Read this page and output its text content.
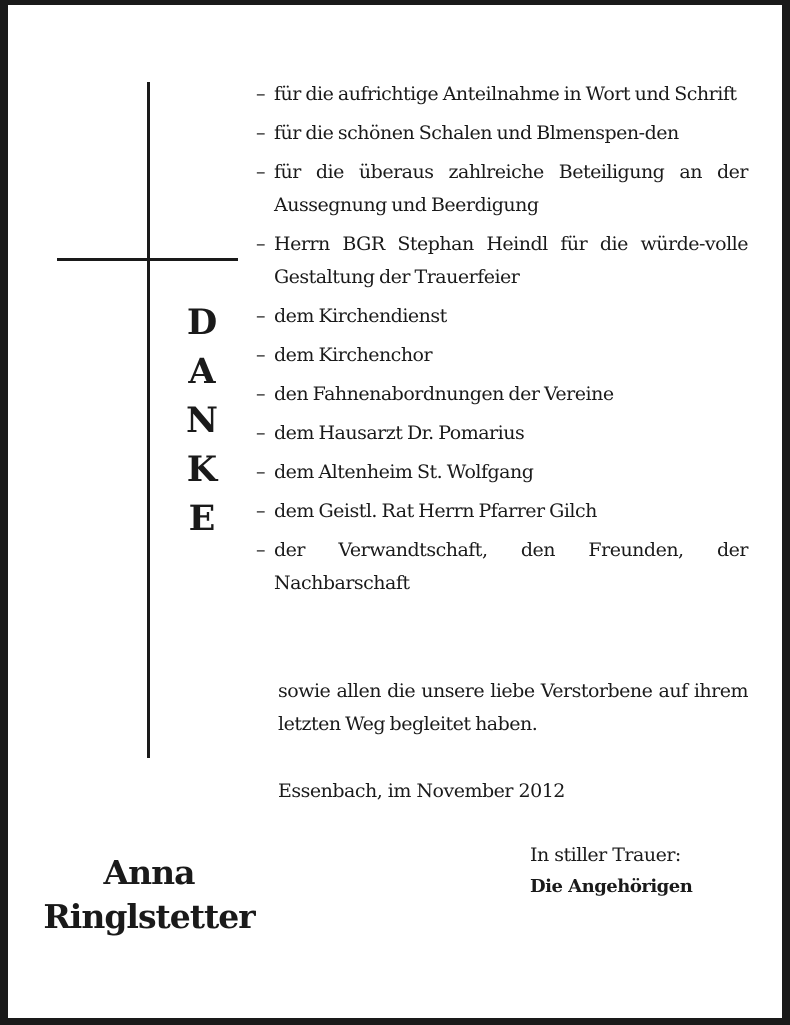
D
A
N
K
E
– für die aufrichtige Anteilnahme in Wort und Schrift
– für die schönen Schalen und Blmenspen-den
– für die überaus zahlreiche Beteiligung an der Aussegnung und Beerdigung
– Herrn BGR Stephan Heindl für die würde-volle Gestaltung der Trauerfeier
– dem Kirchendienst
– dem Kirchenchor
– den Fahnenabordnungen der Vereine
– dem Hausarzt Dr. Pomarius
– dem Altenheim St. Wolfgang
– dem Geistl. Rat Herrn Pfarrer Gilch
– der Verwandtschaft, den Freunden, der Nachbarschaft

sowie allen die unsere liebe Verstorbene auf ihrem letzten Weg begleitet haben.

Essenbach, im November 2012

In stiller Trauer:
Die Angehörigen

Anna
Ringlstetter
